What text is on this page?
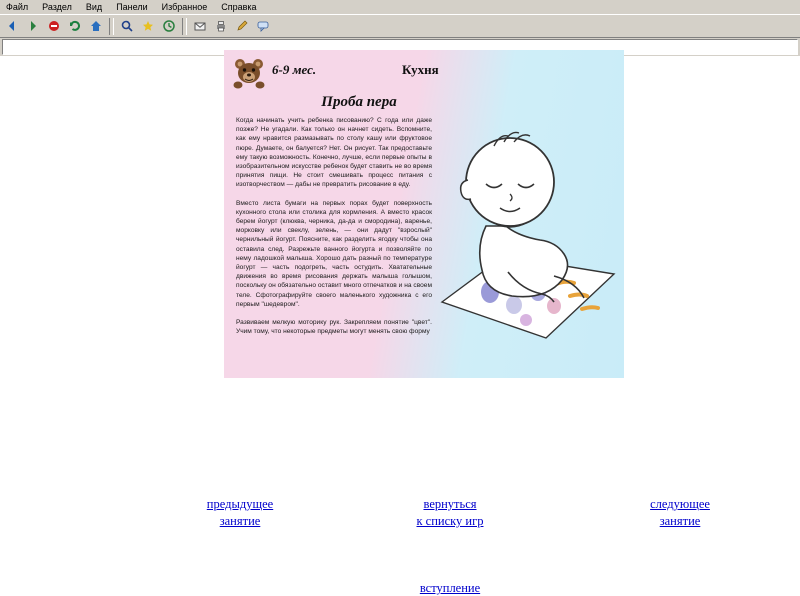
Файл Раздел Вид Панели Избранное Справка
6-9 мес.	Кухня
Проба пера

Когда начинать учить ребенка писованию? С года или даже позже? Не угадали. Как только он начнет сидеть. Вспомните, как ему нравится размазывать по столу кашу или фруктовое пюре. Думаете, он балуется? Нет. Он рисует. Так предоставьте ему такую возможность. Конечно, лучше, если первые опыты в изобразительном искусстве ребенок будет ставить не во время принятия пищи. Не стоит смешивать процесс питания с изотворчеством — дабы не превратить рисование в еду.

Вместо листа бумаги на первых порах будет поверхность кухонного стола или столика для кормления. А вместо красок берем йогурт (клюква, черника, да-да и смородина), варенье, морковку или свеклу, зелень, — они дадут "взрослый" чернильный йогурт. Поясните, как разделить ягодку чтобы она оставила след. Разрежьте ванного йогурта и позволяйте по нему ладошкой малыша. Хорошо дать разный по температуре йогурт — часть подогреть, часть остудить. Хватательные движения во время рисования держать малыша голышом, поскольку он обязательно оставит много отпечатков и на своем теле. Сфотографируйте своего маленького художника с его первым "шедевром".

Развиваем мелкую моторику рук. Закрепляем понятие "цвет". Учим тому, что некоторые предметы могут менять свою форму

предыдущее
занятие
вернуться
к списку игр
следующее
занятие
вступление
